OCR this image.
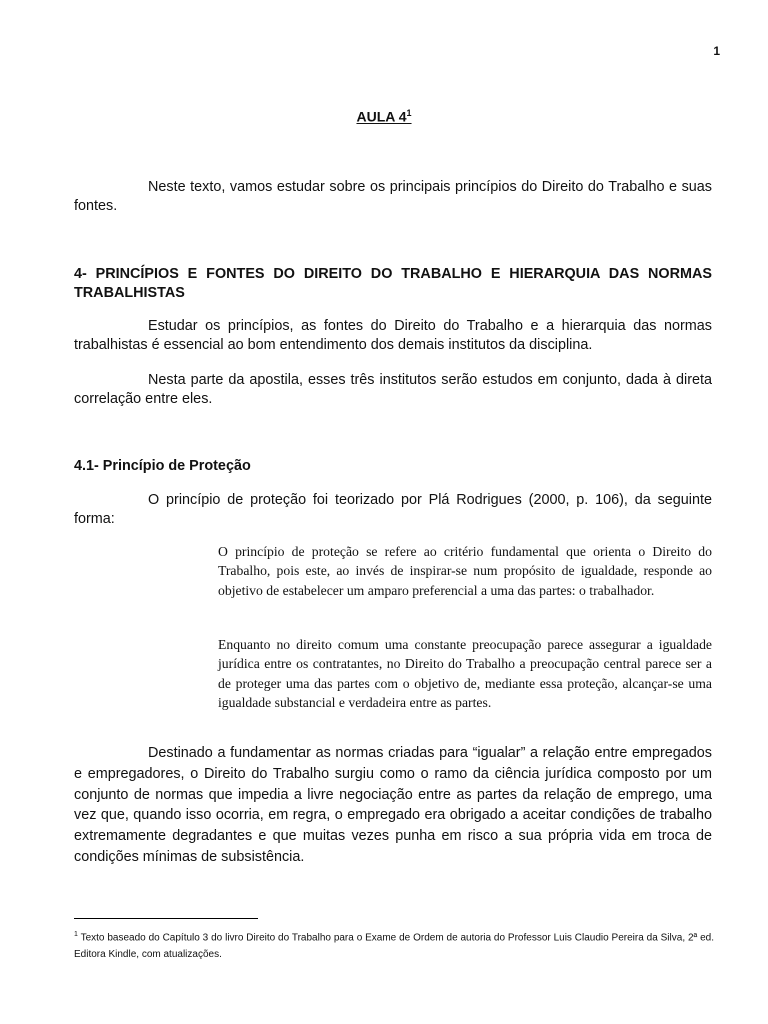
1
AULA $4^1$

Neste texto, vamos estudar sobre os principais princípios do Direito do Trabalho e suas fontes.

4- PRINCÍPIOS E FONTES DO DIREITO DO TRABALHO E HIERARQUIA DAS NORMAS TRABALHISTAS

Estudar os princípios, as fontes do Direito do Trabalho e a hierarquia das normas trabalhistas é essencial ao bom entendimento dos demais institutos da disciplina.

Nesta parte da apostila, esses três institutos serão estudos em conjunto, dada à direta correlação entre eles.

4.1- Princípio de Proteção

O princípio de proteção foi teorizado por Plá Rodrigues (2000, p. 106), da seguinte forma:

O princípio de proteção se refere ao critério fundamental que orienta o Direito do Trabalho, pois este, ao invés de inspirar-se num propósito de igualdade, responde ao objetivo de estabelecer um amparo preferencial a uma das partes: o trabalhador.

Enquanto no direito comum uma constante preocupação parece assegurar a igualdade jurídica entre os contratantes, no Direito do Trabalho a preocupação central parece ser a de proteger uma das partes com o objetivo de, mediante essa proteção, alcançar-se uma igualdade substancial e verdadeira entre as partes.

Destinado a fundamentar as normas criadas para “igualar” a relação entre empregados e empregadores, o Direito do Trabalho surgiu como o ramo da ciência jurídica composto por um conjunto de normas que impedia a livre negociação entre as partes da relação de emprego, uma vez que, quando isso ocorria, em regra, o empregado era obrigado a aceitar condições de trabalho extremamente degradantes e que muitas vezes punha em risco a sua própria vida em troca de condições mínimas de subsistência.

$^1$ Texto baseado do Capítulo 3 do livro Direito do Trabalho para o Exame de Ordem de autoria do Professor Luis Claudio Pereira da Silva, 2ª ed. Editora Kindle, com atualizações.
